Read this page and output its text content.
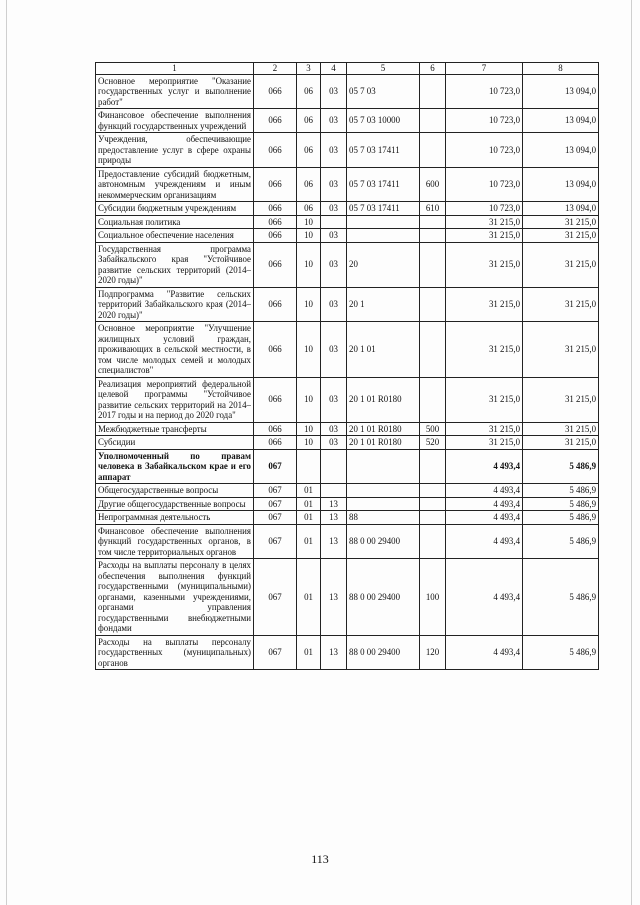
1	2	3	4	5	6	7	8
Основное мероприятие "Оказание государственных услуг и выполнение работ"	066	06	03	05 7 03		10 723,0	13 094,0
Финансовое обеспечение выполнения функций государственных учреждений	066	06	03	05 7 03 10000		10 723,0	13 094,0
Учреждения, обеспечивающие предоставление услуг в сфере охраны природы	066	06	03	05 7 03 17411		10 723,0	13 094,0
Предоставление субсидий бюджетным, автономным учреждениям и иным некоммерческим организациям	066	06	03	05 7 03 17411	600	10 723,0	13 094,0
Субсидии бюджетным учреждениям	066	06	03	05 7 03 17411	610	10 723,0	13 094,0
Социальная политика	066	10				31 215,0	31 215,0
Социальное обеспечение населения	066	10	03			31 215,0	31 215,0
Государственная программа Забайкальского края "Устойчивое развитие сельских территорий (2014–2020 годы)"	066	10	03	20		31 215,0	31 215,0
Подпрограмма "Развитие сельских территорий Забайкальского края (2014–2020 годы)"	066	10	03	20 1		31 215,0	31 215,0
Основное мероприятие "Улучшение жилищных условий граждан, проживающих в сельской местности, в том числе молодых семей и молодых специалистов"	066	10	03	20 1 01		31 215,0	31 215,0
Реализация мероприятий федеральной целевой программы "Устойчивое развитие сельских территорий на 2014–2017 годы и на период до 2020 года"	066	10	03	20 1 01 R0180		31 215,0	31 215,0
Межбюджетные трансферты	066	10	03	20 1 01 R0180	500	31 215,0	31 215,0
Субсидии	066	10	03	20 1 01 R0180	520	31 215,0	31 215,0
Уполномоченный по правам человека в Забайкальском крае и его аппарат	067					4 493,4	5 486,9
Общегосударственные вопросы	067	01				4 493,4	5 486,9
Другие общегосударственные вопросы	067	01	13			4 493,4	5 486,9
Непрограммная деятельность	067	01	13	88		4 493,4	5 486,9
Финансовое обеспечение выполнения функций государственных органов, в том числе территориальных органов	067	01	13	88 0 00 29400		4 493,4	5 486,9
Расходы на выплаты персоналу в целях обеспечения выполнения функций государственными (муниципальными) органами, казенными учреждениями, органами управления государственными внебюджетными фондами	067	01	13	88 0 00 29400	100	4 493,4	5 486,9
Расходы на выплаты персоналу государственных (муниципальных) органов	067	01	13	88 0 00 29400	120	4 493,4	5 486,9
113
